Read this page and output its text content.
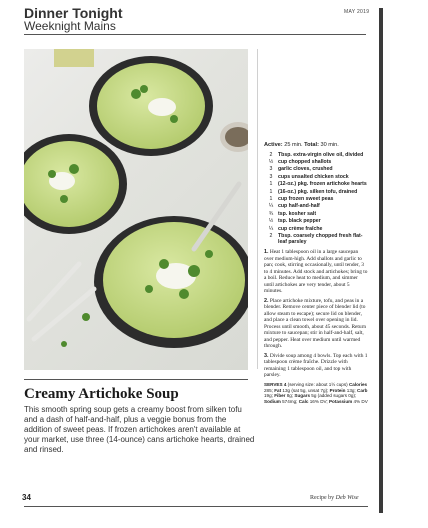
Dinner Tonight
Weeknight Mains
MAY 2019
Active: 25 min. Total: 30 min.
2	Tbsp. extra-virgin olive oil, divided
½ cup chopped shallots
3	garlic cloves, crushed
3	cups unsalted chicken stock
1	(12-oz.) pkg. frozen artichoke hearts
1	(16-oz.) pkg. silken tofu, drained
1	cup frozen sweet peas
¼ cup half-and-half
¾ tsp. kosher salt
½ tsp. black pepper
¼ cup crème fraîche
2	Tbsp. coarsely chopped fresh flat-leaf parsley
1. Heat 1 tablespoon oil in a large saucepan over medium-high. Add shallots and garlic to pan; cook, stirring occasionally, until tender, 3 to 4 minutes. Add stock and artichokes; bring to a boil. Reduce heat to medium, and simmer until artichokes are very tender, about 5 minutes.
2. Place artichoke mixture, tofu, and peas in a blender. Remove center piece of blender lid (to allow steam to escape); secure lid on blender, and place a clean towel over opening in lid. Process until smooth, about 45 seconds. Return mixture to saucepan; stir in half-and-half, salt, and pepper. Heat over medium until warmed through.
3. Divide soup among 4 bowls. Top each with 1 tablespoon crème fraîche. Drizzle with remaining 1 tablespoon oil, and top with parsley.
SERVES 4 (serving size: about 1½ cups) Calories 285; Fat 13g (sat 5g, unsat 7g); Protein 13g; Carb 19g; Fiber 8g; Sugars 5g (added sugars 0g); Sodium 574mg; Calc 16% DV; Potassium 4% DV
Creamy Artichoke Soup
This smooth spring soup gets a creamy boost from silken tofu and a dash of half-and-half, plus a veggie bonus from the addition of sweet peas. If frozen artichokes aren't available at your market, use three (14-ounce) cans artichoke hearts, drained and rinsed.
34	Recipe by Deb Wise
